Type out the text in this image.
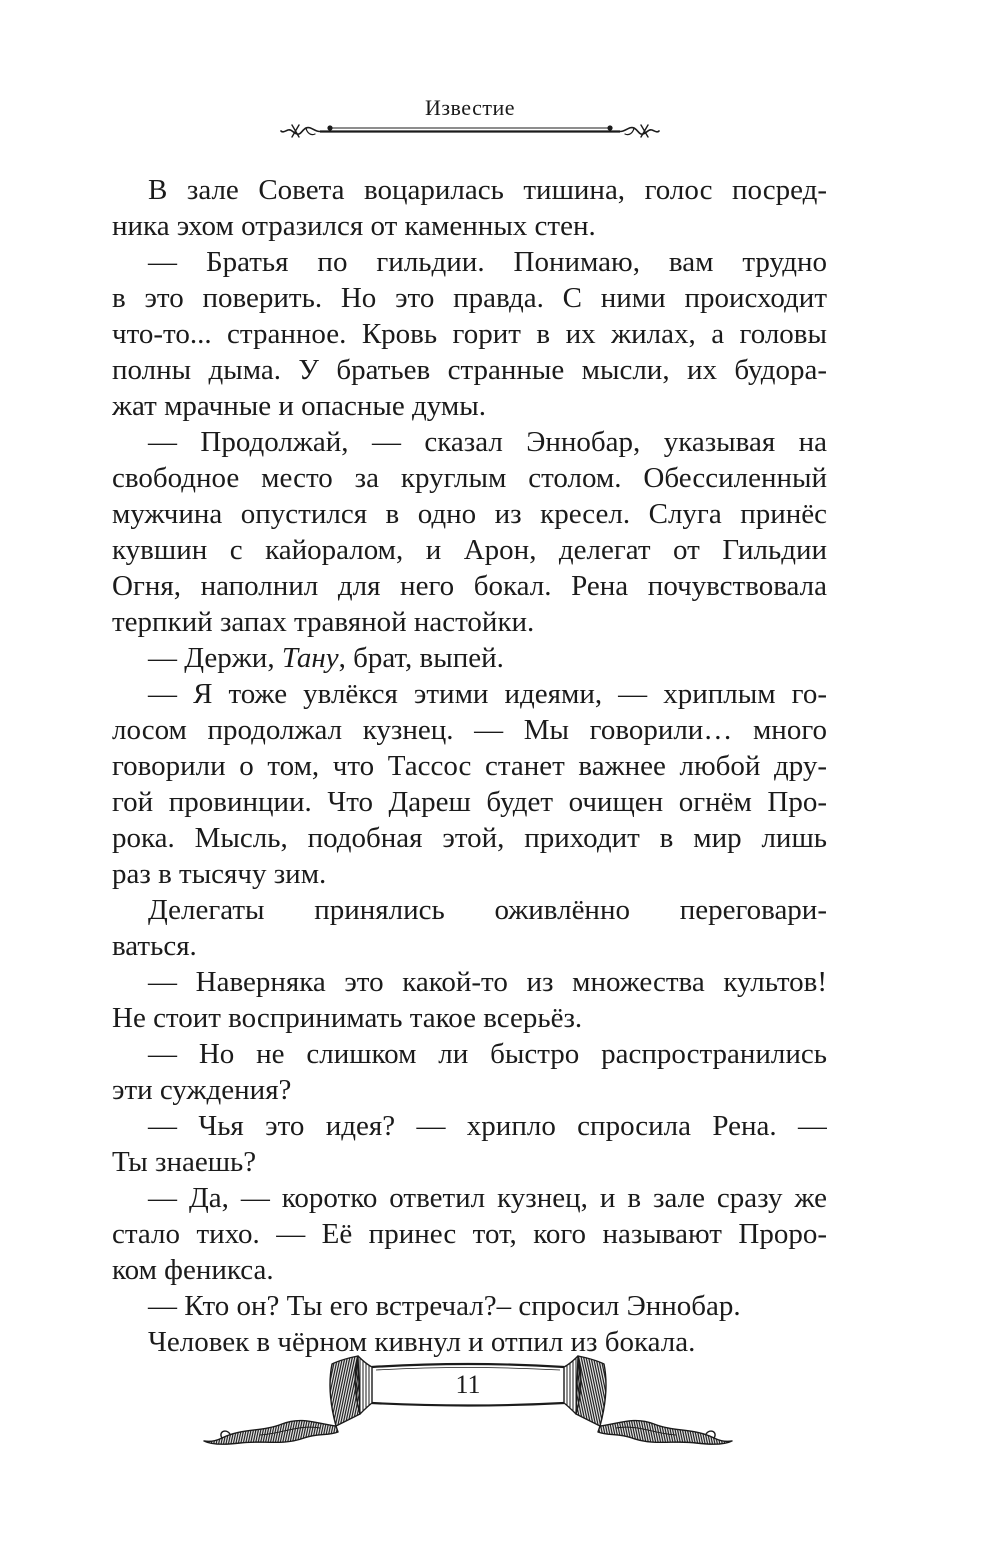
Известие
В зале Совета воцарилась тишина, голос посред-
ника эхом отразился от каменных стен.
— Братья по гильдии. Понимаю, вам трудно
в это поверить. Но это правда. С ними происходит
что-то... странное. Кровь горит в их жилах, а головы
полны дыма. У братьев странные мысли, их будора-
жат мрачные и опасные думы.
— Продолжай, — сказал Эннобар, указывая на
свободное место за круглым столом. Обессиленный
мужчина опустился в одно из кресел. Слуга принёс
кувшин с кайоралом, и Арон, делегат от Гильдии
Огня, наполнил для него бокал. Рена почувствовала
терпкий запах травяной настойки.
— Держи, Тану, брат, выпей.
— Я тоже увлёкся этими идеями, — хриплым го-
лосом продолжал кузнец. — Мы говорили… много
говорили о том, что Тассос станет важнее любой дру-
гой провинции. Что Дареш будет очищен огнём Про-
рока. Мысль, подобная этой, приходит в мир лишь
раз в тысячу зим.
Делегаты принялись оживлённо переговари-
ваться.
— Наверняка это какой-то из множества культов!
Не стоит воспринимать такое всерьёз.
— Но не слишком ли быстро распространились
эти суждения?
— Чья это идея? — хрипло спросила Рена. —
Ты знаешь?
— Да, — коротко ответил кузнец, и в зале сразу же
стало тихо. — Её принес тот, кого называют Проро-
ком феникса.
— Кто он? Ты его встречал?– спросил Эннобар.
Человек в чёрном кивнул и отпил из бокала.
11
